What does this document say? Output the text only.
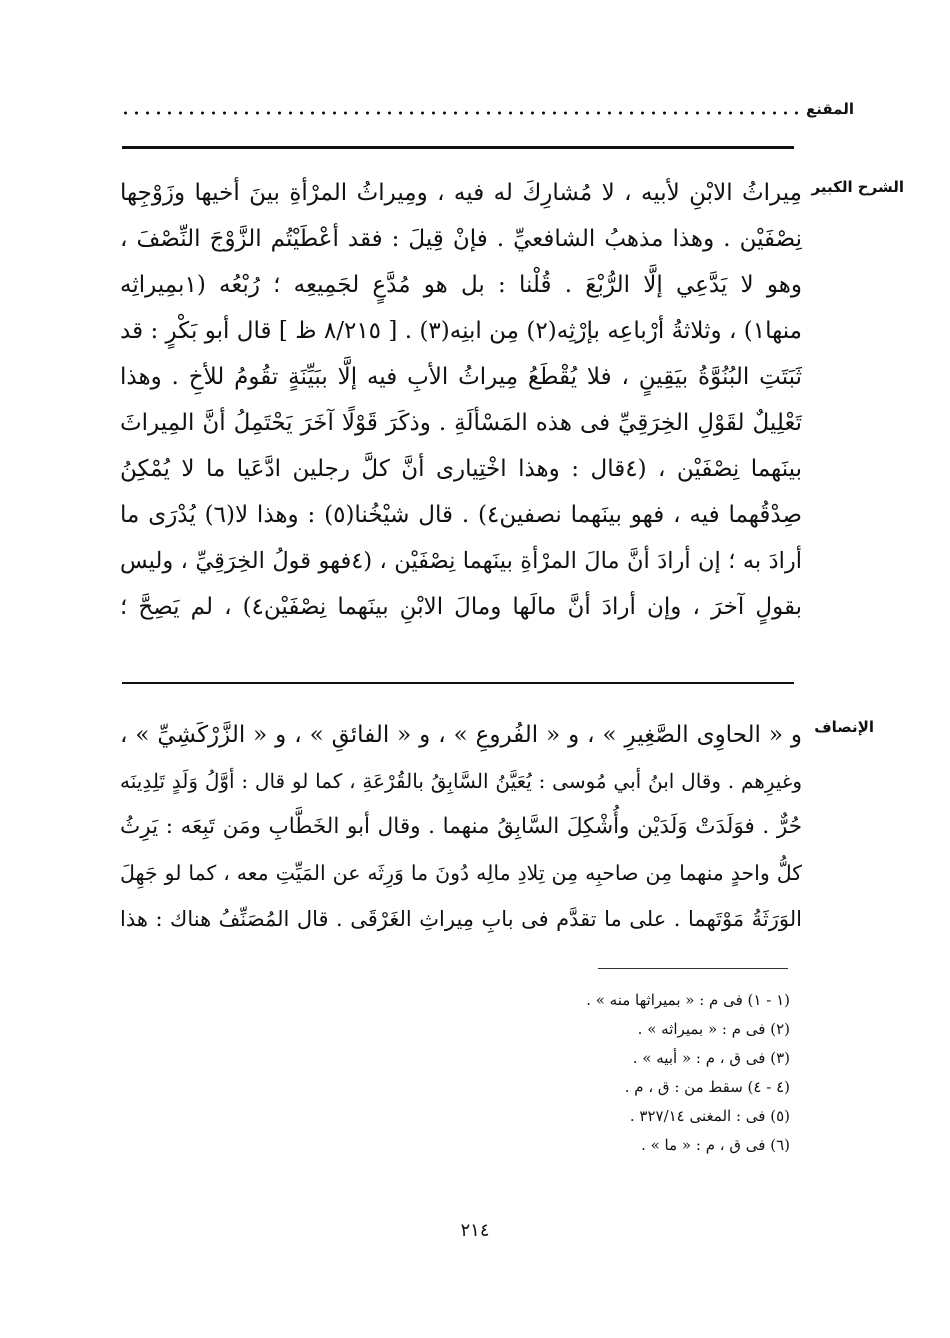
المقنع
الشرح الكبير
مِيراثُ الابْنِ لأبيه ، لا مُشارِكَ له فيه ، ومِيراثُ المرْأةِ بينَ أخيها وزَوْجِها
نِصْفَيْن . وهذا مذهبُ الشافعيِّ . فإنْ قِيلَ : فقد أعْطَيْتُم الزَّوْجَ النِّصْفَ ،
وهو لا يَدَّعِي إلَّا الرُّبْعَ . قُلْنا : بل هو مُدَّعٍ لجَمِيعِه ؛ رُبْعُه (١بمِيراثِه
منها١) ، وثلاثةُ أرْباعِه بإرْثِه(٢) مِن ابنِه(٣) . [ ٨/٢١٥ ظ ] قال أبو بَكْرٍ : قد
ثَبَتَتِ البُنُوَّةُ بيَقِينٍ ، فلا يُقْطَعُ مِيراثُ الأبِ فيه إلَّا ببَيِّنَةٍ تقُومُ للأخِ . وهذا
تَعْلِيلٌ لقَوْلِ الخِرَقِيِّ فى هذه المَسْألَةِ . وذكَرَ قَوْلًا آخَرَ يَحْتَمِلُ أنَّ المِيراثَ
بينَهما نِصْفَيْن ، (٤قال : وهذا اخْتِيارى أنَّ كلَّ رجلين ادَّعَيا ما لا يُمْكِنُ
صِدْقُهما فيه ، فهو بينَهما نصفين٤) . قال شيْخُنا(٥) : وهذا لا(٦) يُدْرَى ما
أرادَ به ؛ إن أرادَ أنَّ مالَ المرْأةِ بينَهما نِصْفَيْن ، (٤فهو قولُ الخِرَقِيِّ ، وليس
بقولٍ آخرَ ، وإن أرادَ أنَّ مالَها ومالَ الابْنِ بينَهما نِصْفَيْن٤) ، لم يَصِحَّ ؛
الإنصاف
و « الحاوِى الصَّغِيرِ » ، و « الفُروعِ » ، و « الفائقِ » ، و « الزَّرْكَشِيِّ » ،
وغيرِهم . وقال ابنُ أبي مُوسى : يُعَيَّنُ السَّابِقُ بالقُرْعَةِ ، كما لو قال : أوَّلُ وَلَدٍ تَلِدِينَه
حُرٌّ . فوَلَدَتْ وَلَدَيْن وأُشْكِلَ السَّابِقُ منهما . وقال أبو الخَطَّابِ ومَن تَبِعَه : يَرِثُ
كلُّ واحدٍ منهما مِن صاحبِه مِن تِلادِ مالِه دُونَ ما وَرِثَه عن المَيِّتِ معه ، كما لو جَهِلَ
الوَرَثَةُ مَوْتَهما . على ما تقدَّم فى بابِ مِيراثِ الغَرْقَى . قال المُصَنِّفُ هناك : هذا
(١ - ١) فى م : « بميراثها منه » .
(٢) فى م : « بميراثه » .
(٣) فى ق ، م : « أبيه » .
(٤ - ٤) سقط من : ق ، م .
(٥) فى : المغنى ٣٢٧/١٤ .
(٦) فى ق ، م : « ما » .
٢١٤
